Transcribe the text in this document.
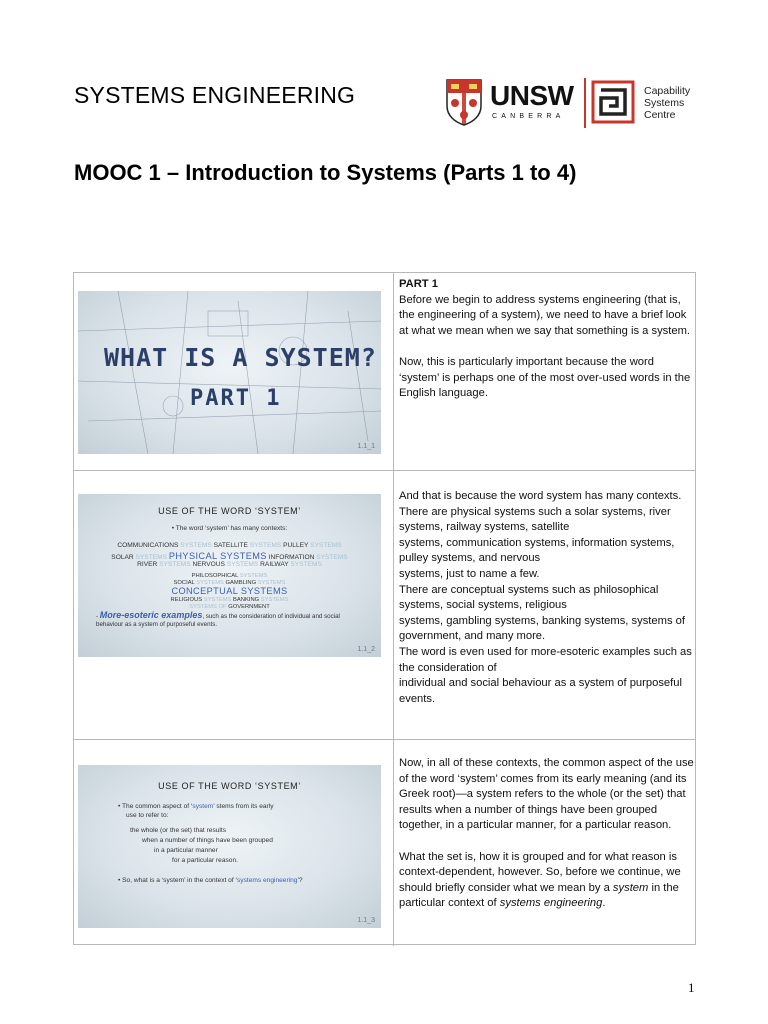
SYSTEMS ENGINEERING	UNSW
CANBERRA
Capability
Systems
Centre
MOOC 1 – Introduction to Systems (Parts 1 to 4)
WHAT IS A SYSTEM?
PART 1
1.1_1
PART 1

Before we begin to address systems engineering (that is, the engineering of a system), we need to have a brief look at what we mean when we say that something is a system.

Now, this is particularly important because the word ‘system’ is perhaps one of the most over-used words in the English language.

USE OF THE WORD ‘SYSTEM’
• The word ‘system’ has many contexts:
COMMUNICATIONS SYSTEMS SATELLITE SYSTEMS PULLEY SYSTEMS
SOLAR SYSTEMS PHYSICAL SYSTEMS INFORMATION SYSTEMS
RIVER SYSTEMS NERVOUS SYSTEMS RAILWAY SYSTEMS
PHILOSOPHICAL SYSTEMS
SOCIAL SYSTEMS GAMBLING SYSTEMS
CONCEPTUAL SYSTEMS
RELIGIOUS SYSTEMS BANKING SYSTEMS
SYSTEMS OF GOVERNMENT
- More-esoteric examples, such as the consideration of individual and social behaviour as a system of purposeful events.
1.1_2
And that is because the word system has many contexts.
There are physical systems such a solar systems, river systems, railway systems, satellite
systems, communication systems, information systems, pulley systems, and nervous
systems, just to name a few.
There are conceptual systems such as philosophical systems, social systems, religious
systems, gambling systems, banking systems, systems of government, and many more.
The word is even used for more-esoteric examples such as the consideration of
individual and social behaviour as a system of purposeful events.
USE OF THE WORD ‘SYSTEM’
• The common aspect of ‘system’ stems from its early
use to refer to:
the whole (or the set) that results
when a number of things have been grouped
in a particular manner
for a particular reason.
• So, what is a ‘system’ in the context of ‘systems engineering’?
1.1_3

Now, in all of these contexts, the common aspect of the use of the word ‘system’ comes from its early meaning (and its Greek root)—a system refers to the whole (or the set) that results when a number of things have been grouped together, in a particular manner, for a particular reason.

What the set is, how it is grouped and for what reason is context-dependent, however. So, before we continue, we should briefly consider what we mean by a system in the particular context of systems engineering.

1
